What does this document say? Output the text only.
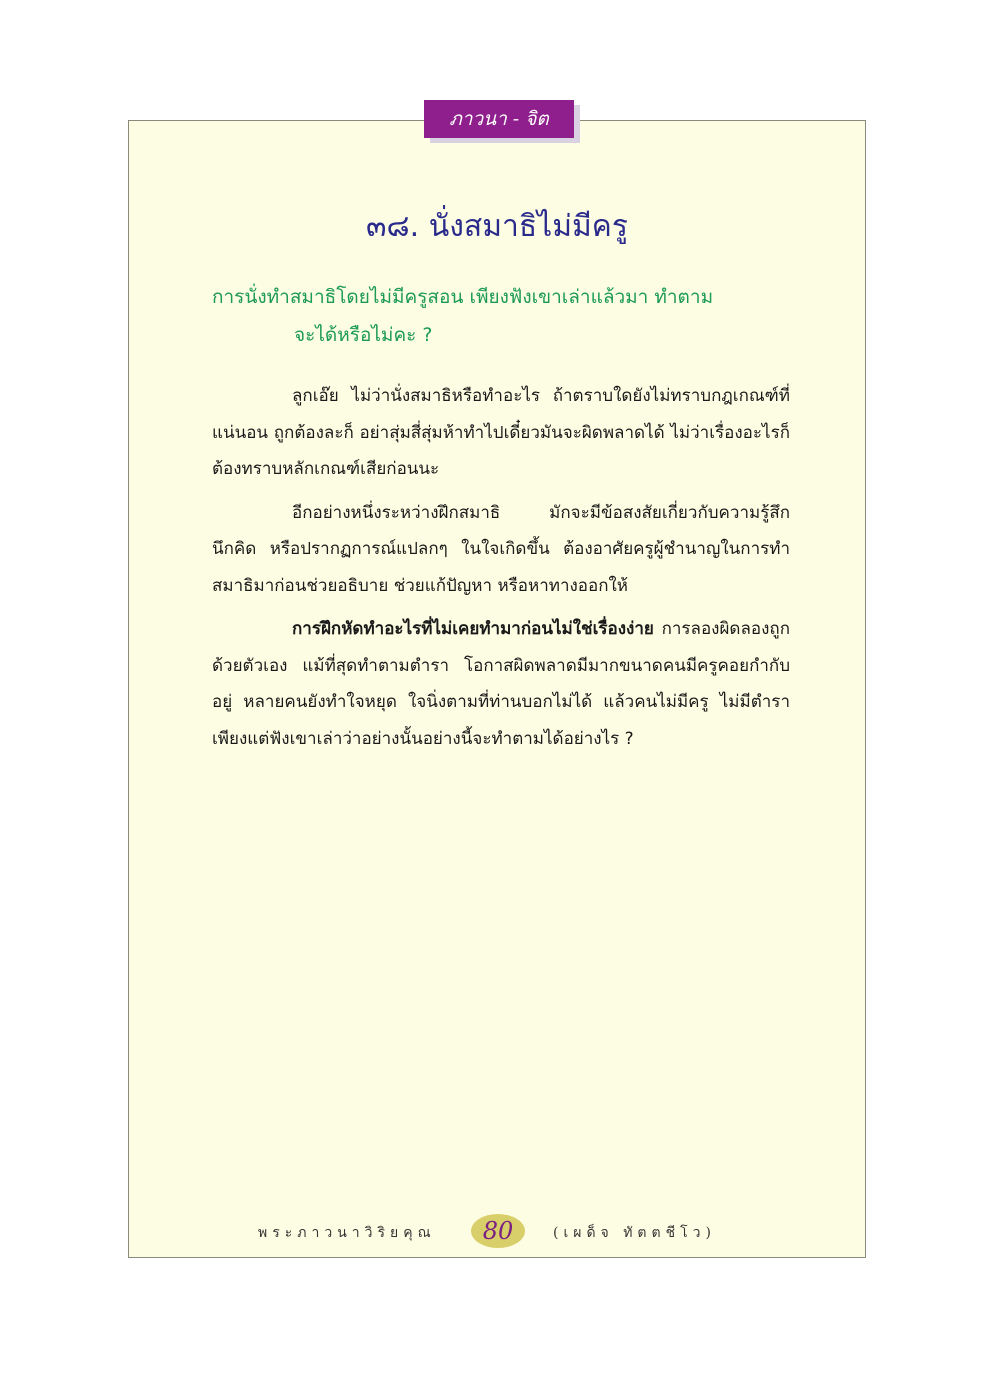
ภาวนา - จิต
๓๘. นั่งสมาธิไม่มีครู
การนั่งทำสมาธิโดยไม่มีครูสอน เพียงฟังเขาเล่าแล้วมา ทำตาม
จะได้หรือไม่คะ ?

ลูกเอ๊ย ไม่ว่านั่งสมาธิหรือทำอะไร ถ้าตราบใดยังไม่ทราบกฎเกณฑ์ที่แน่นอน ถูกต้องละก็ อย่าสุ่มสี่สุ่มห้าทำไปเดี๋ยวมันจะผิดพลาดได้ ไม่ว่าเรื่องอะไรก็ต้องทราบหลักเกณฑ์เสียก่อนนะ

อีกอย่างหนึ่งระหว่างฝึกสมาธิ มักจะมีข้อสงสัยเกี่ยวกับความรู้สึกนึกคิด หรือปรากฏการณ์แปลกๆ ในใจเกิดขึ้น ต้องอาศัยครูผู้ชำนาญในการทำสมาธิมาก่อนช่วยอธิบาย ช่วยแก้ปัญหา หรือหาทางออกให้

การฝึกหัดทำอะไรที่ไม่เคยทำมาก่อนไม่ใช่เรื่องง่าย การลองผิดลองถูกด้วยตัวเอง แม้ที่สุดทำตามตำรา โอกาสผิดพลาดมีมากขนาดคนมีครูคอยกำกับอยู่ หลายคนยังทำใจหยุด ใจนิ่งตามที่ท่านบอกไม่ได้ แล้วคนไม่มีครู ไม่มีตำรา เพียงแต่ฟังเขาเล่าว่าอย่างนั้นอย่างนี้จะทำตามได้อย่างไร ?

พระภาวนาวิริยคุณ	80	(เผด็จ ทัตตชีโว)
